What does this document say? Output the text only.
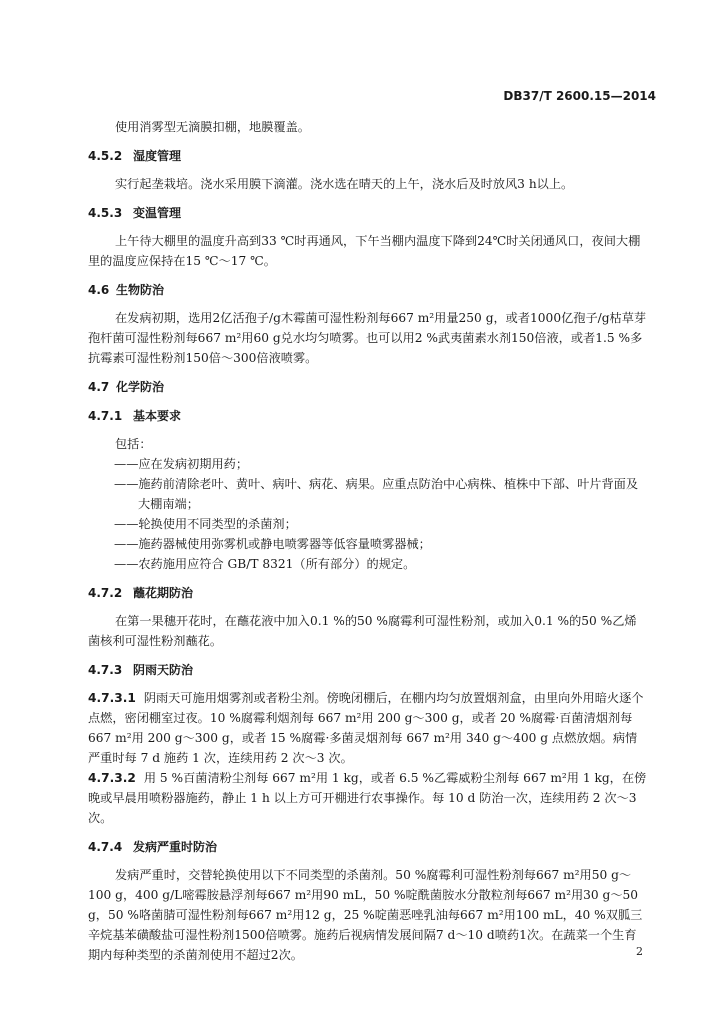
DB37/T 2600.15—2014

使用消雾型无滴膜扣棚，地膜覆盖。

4.5.2 湿度管理

实行起垄栽培。浇水采用膜下滴灌。浇水选在晴天的上午，浇水后及时放风3 h以上。

4.5.3 变温管理

上午待大棚里的温度升高到33 ℃时再通风，下午当棚内温度下降到24℃时关闭通风口，夜间大棚里的温度应保持在15 ℃～17 ℃。

4.6 生物防治

在发病初期，选用2亿活孢子/g木霉菌可湿性粉剂每667 m²用量250 g，或者1000亿孢子/g枯草芽孢杆菌可湿性粉剂每667 m²用60 g兑水均匀喷雾。也可以用2 %武夷菌素水剂150倍液，或者1.5 %多抗霉素可湿性粉剂150倍～300倍液喷雾。

4.7 化学防治
4.7.1 基本要求

包括：

——应在发病初期用药；

——施药前清除老叶、黄叶、病叶、病花、病果。应重点防治中心病株、植株中下部、叶片背面及大棚南端；

——轮换使用不同类型的杀菌剂；

——施药器械使用弥雾机或静电喷雾器等低容量喷雾器械；

——农药施用应符合 GB/T 8321（所有部分）的规定。

4.7.2 蘸花期防治

在第一果穗开花时，在蘸花液中加入0.1 %的50 %腐霉利可湿性粉剂，或加入0.1 %的50 %乙烯菌核利可湿性粉剂蘸花。

4.7.3 阴雨天防治

4.7.3.1 阴雨天可施用烟雾剂或者粉尘剂。傍晚闭棚后，在棚内均匀放置烟剂盒，由里向外用暗火逐个点燃，密闭棚室过夜。10 %腐霉利烟剂每 667 m²用 200 g～300 g，或者 20 %腐霉·百菌清烟剂每 667 m²用 200 g～300 g，或者 15 %腐霉·多菌灵烟剂每 667 m²用 340 g～400 g 点燃放烟。病情严重时每 7 d 施药 1 次，连续用药 2 次～3 次。

4.7.3.2 用 5 %百菌清粉尘剂每 667 m²用 1 kg，或者 6.5 %乙霉威粉尘剂每 667 m²用 1 kg，在傍晚或早晨用喷粉器施药，静止 1 h 以上方可开棚进行农事操作。每 10 d 防治一次，连续用药 2 次～3 次。

4.7.4 发病严重时防治

发病严重时，交替轮换使用以下不同类型的杀菌剂。50 %腐霉利可湿性粉剂每667 m²用50 g～100 g，400 g/L嘧霉胺悬浮剂每667 m²用90 mL，50 %啶酰菌胺水分散粒剂每667 m²用30 g～50 g，50 %咯菌腈可湿性粉剂每667 m²用12 g，25 %啶菌恶唑乳油每667 m²用100 mL，40 %双胍三辛烷基苯磺酸盐可湿性粉剂1500倍喷雾。施药后视病情发展间隔7 d～10 d喷药1次。在蔬菜一个生育期内每种类型的杀菌剂使用不超过2次。	2
